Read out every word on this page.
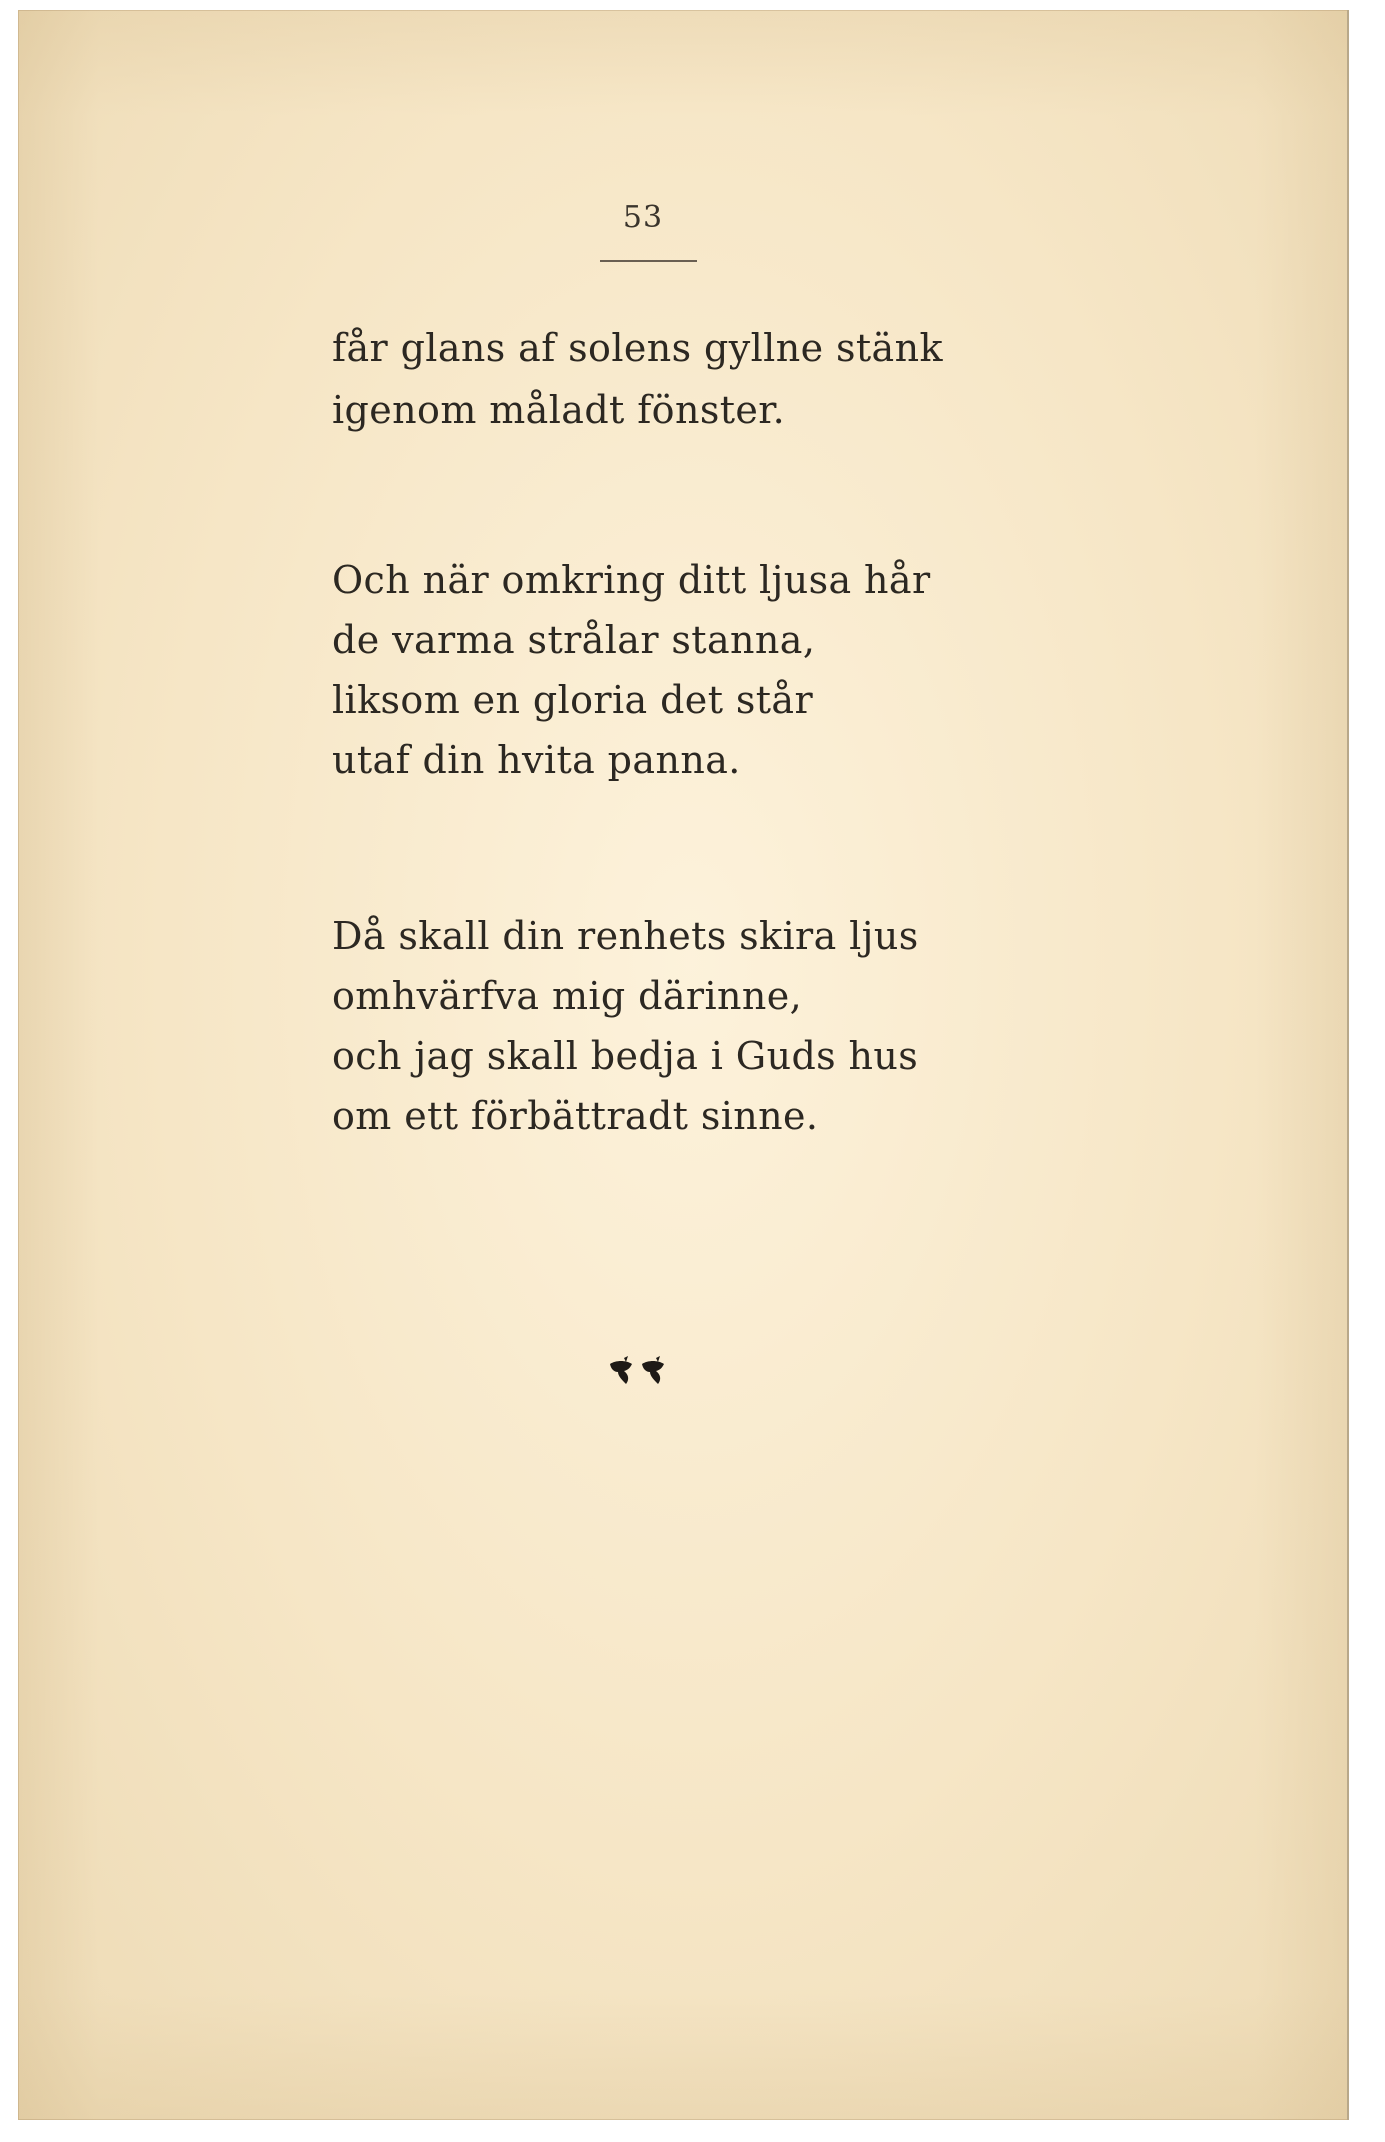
53
får glans af solens gyllne stänk
igenom måladt fönster.
Och när omkring ditt ljusa hår
de varma strålar stanna,
liksom en gloria det står
utaf din hvita panna.
Då skall din renhets skira ljus
omhvärfva mig därinne,
och jag skall bedja i Guds hus
om ett förbättradt sinne.
